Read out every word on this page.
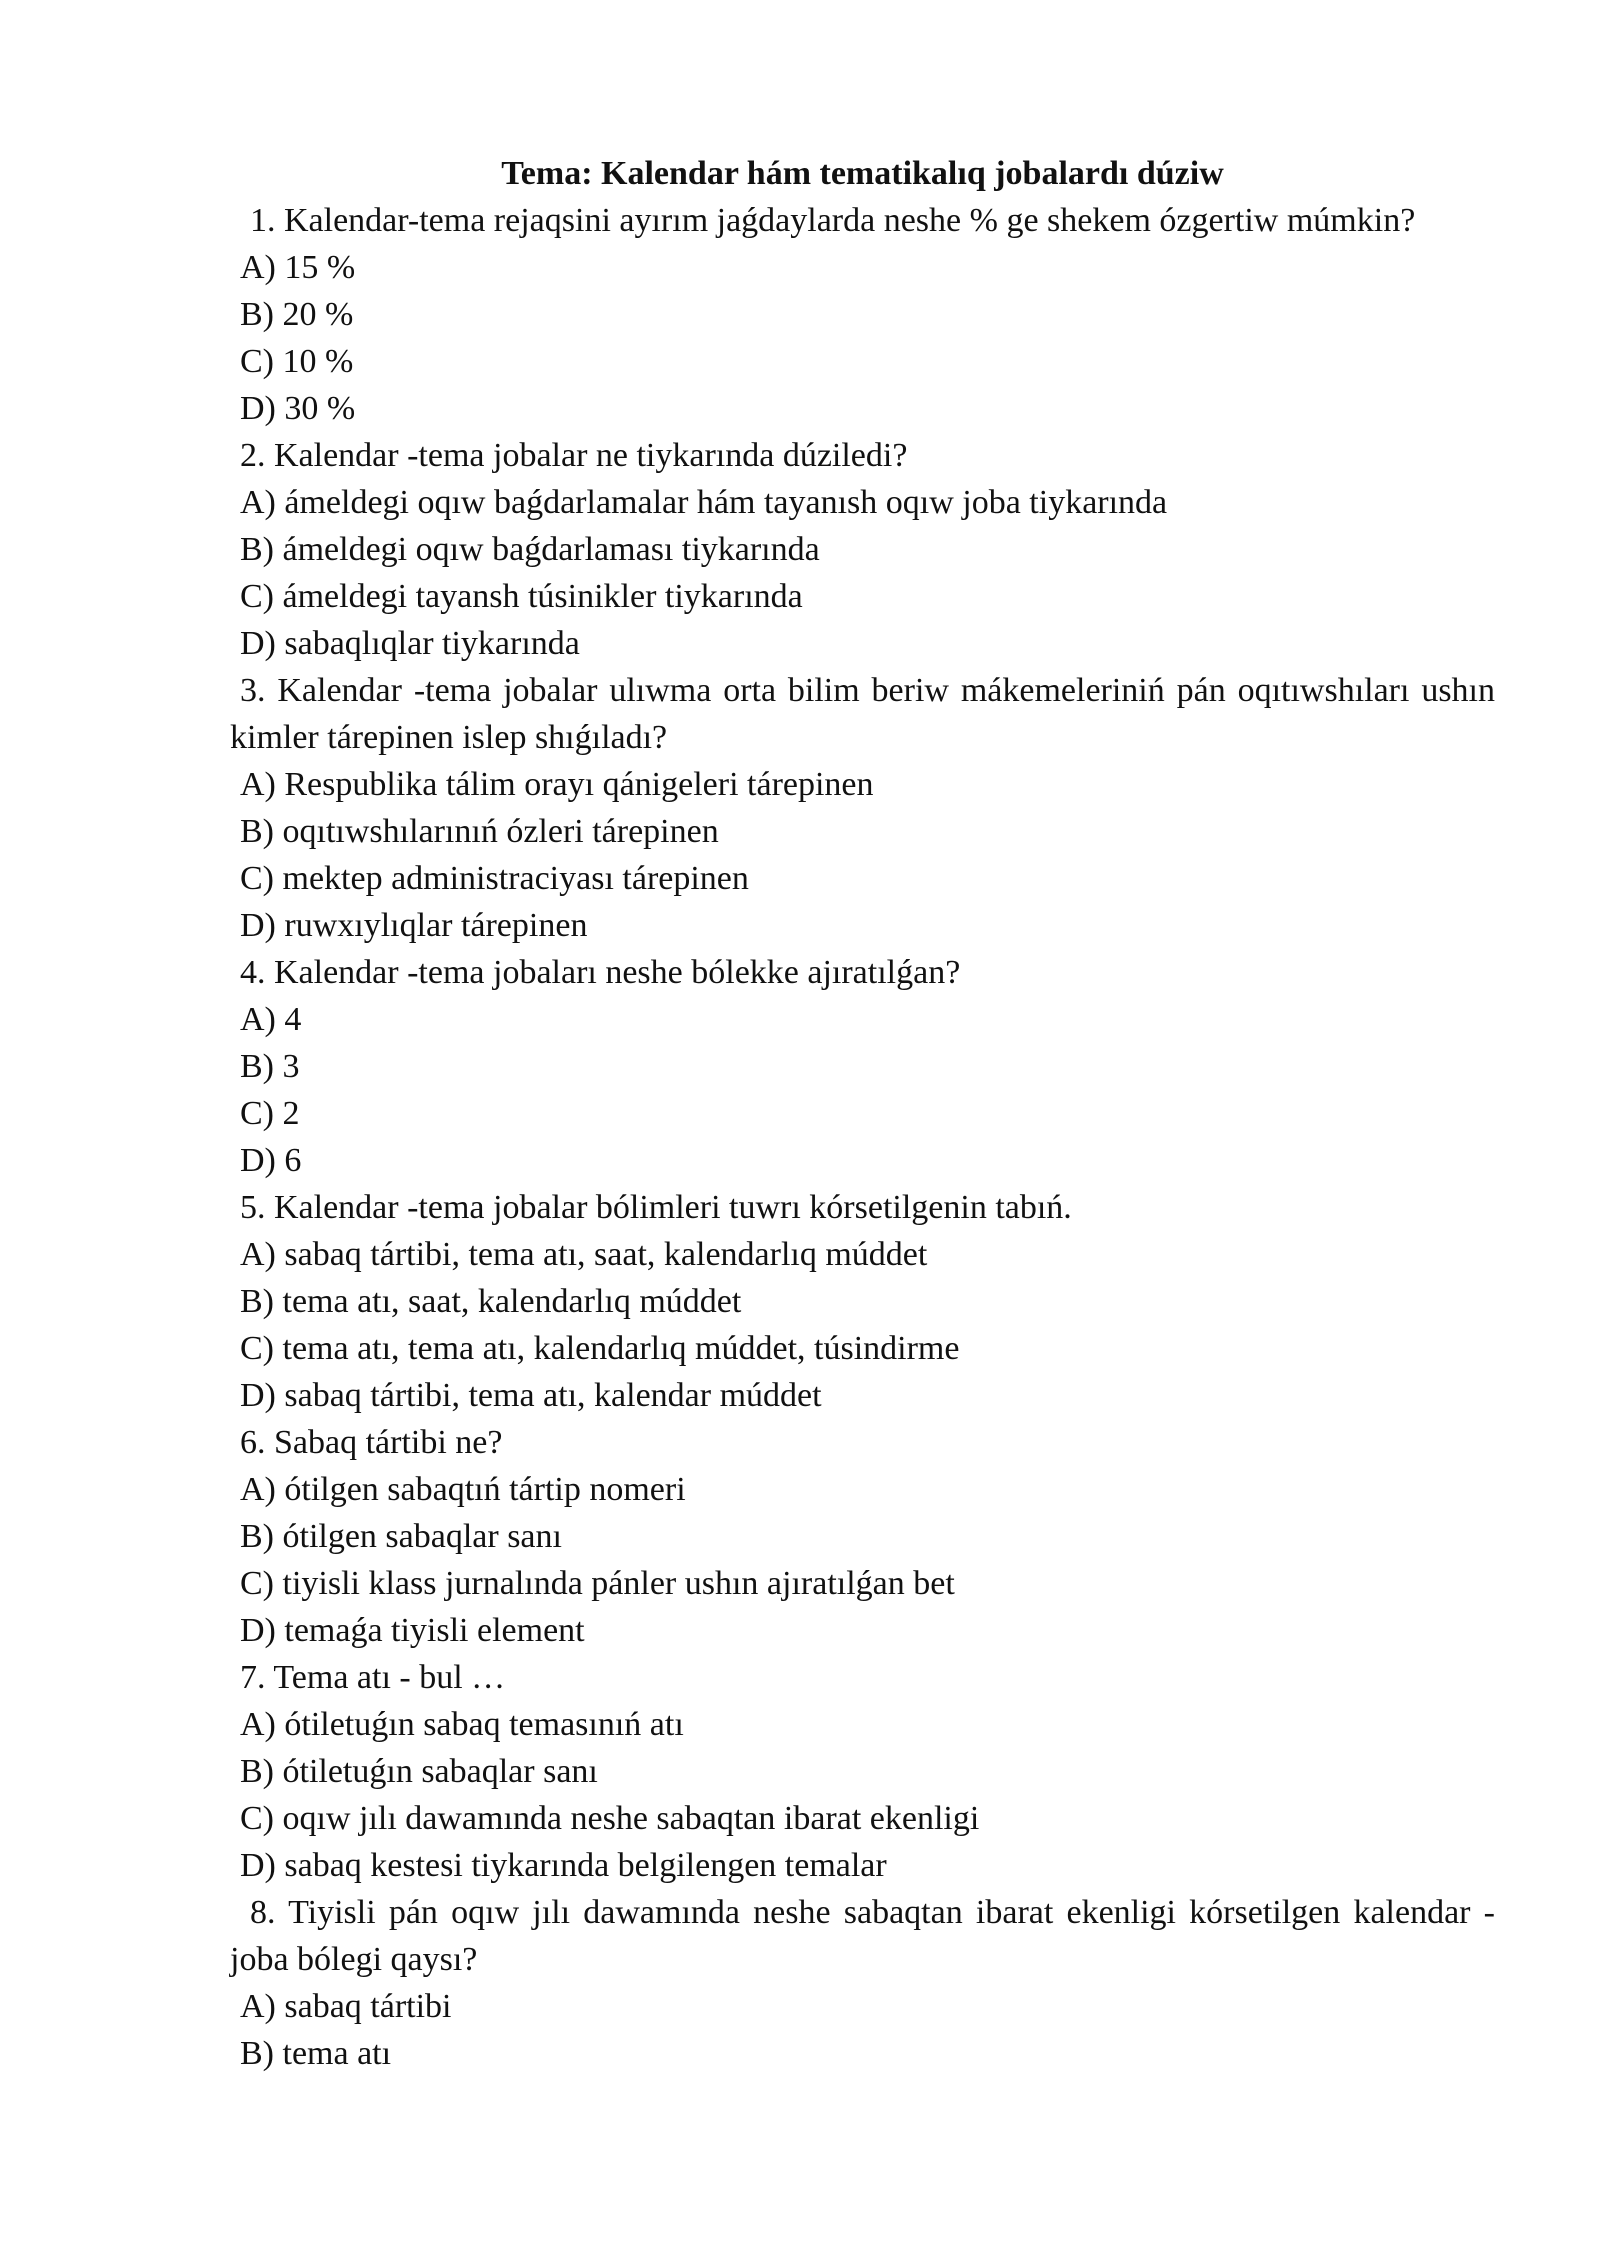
Tema: Kalendar hám tematikalıq jobalardı dúziw

1. Kalendar-tema rejaqsini ayırım jaǵdaylarda neshe % ge shekem ózgertiw múmkin?

A) 15 %

B) 20 %

C) 10 %

D) 30 %

2. Kalendar -tema jobalar ne tiykarında dúziledi?

A) ámeldegi oqıw baǵdarlamalar hám tayanısh oqıw joba tiykarında

B) ámeldegi oqıw baǵdarlaması tiykarında

C) ámeldegi tayansh túsinikler tiykarında

D) sabaqlıqlar tiykarında

3. Kalendar -tema jobalar ulıwma orta bilim beriw mákemeleriniń pán oqıtıwshıları ushın kimler tárepinen islep shıǵıladı?

A) Respublika tálim orayı qánigeleri tárepinen

B) oqıtıwshılarınıń ózleri tárepinen

C) mektep administraciyası tárepinen

D) ruwxıylıqlar tárepinen

4. Kalendar -tema jobaları neshe bólekke ajıratılǵan?

A) 4

B) 3

C) 2

D) 6

5. Kalendar -tema jobalar bólimleri tuwrı kórsetilgenin tabıń.

A) sabaq tártibi, tema atı, saat, kalendarlıq múddet

B) tema atı, saat, kalendarlıq múddet

C) tema atı, tema atı, kalendarlıq múddet, túsindirme

D) sabaq tártibi, tema atı, kalendar múddet

6. Sabaq tártibi ne?

A) ótilgen sabaqtıń tártip nomeri

B) ótilgen sabaqlar sanı

C) tiyisli klass jurnalında pánler ushın ajıratılǵan bet

D) temaǵa tiyisli element

7. Tema atı - bul …

A) ótiletuǵın sabaq temasınıń atı

B) ótiletuǵın sabaqlar sanı

C) oqıw jılı dawamında neshe sabaqtan ibarat ekenligi

D) sabaq kestesi tiykarında belgilengen temalar

8. Tiyisli pán oqıw jılı dawamında neshe sabaqtan ibarat ekenligi kórsetilgen kalendar -joba bólegi qaysı?

A) sabaq tártibi

B) tema atı
